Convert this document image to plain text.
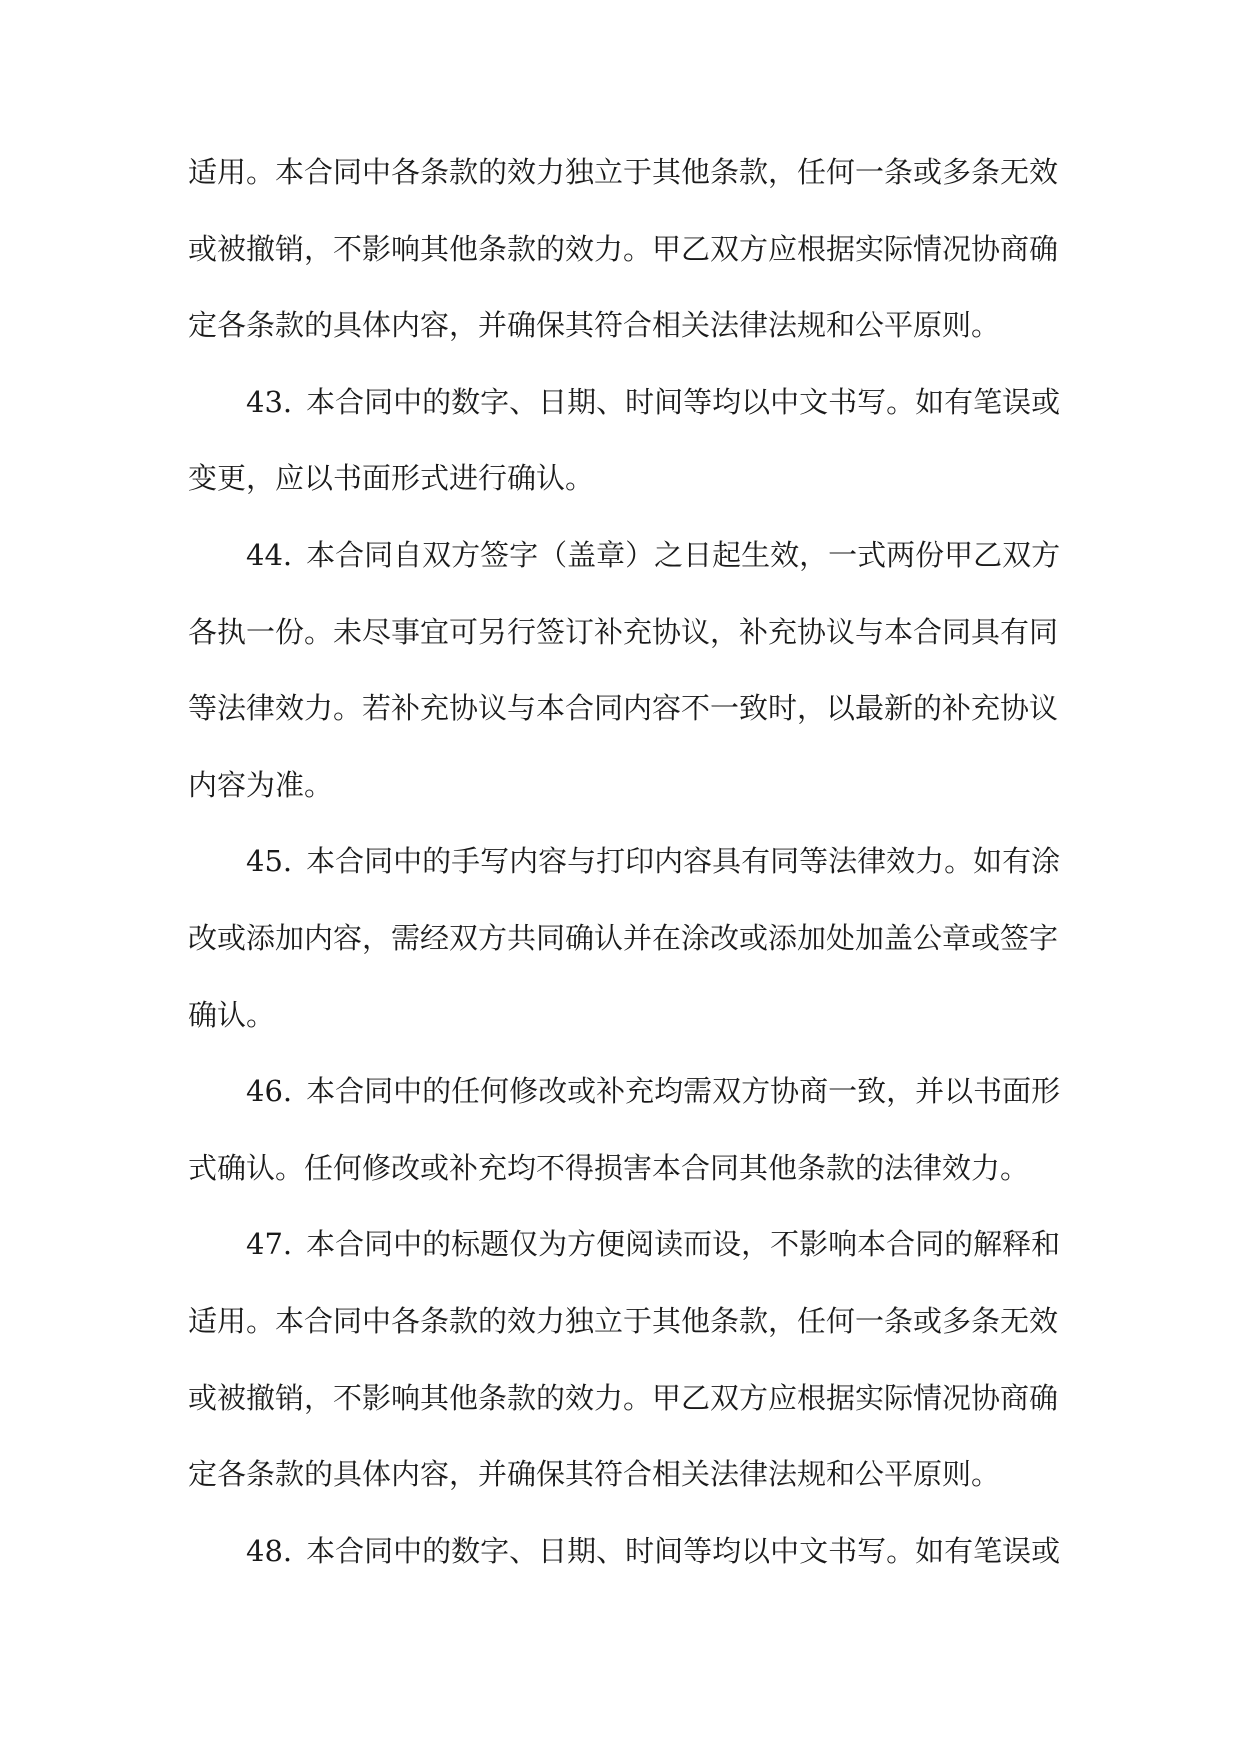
适用。本合同中各条款的效力独立于其他条款，任何一条或多条无效
或被撤销，不影响其他条款的效力。甲乙双方应根据实际情况协商确
定各条款的具体内容，并确保其符合相关法律法规和公平原则。
43. 本合同中的数字、日期、时间等均以中文书写。如有笔误或
变更，应以书面形式进行确认。
44. 本合同自双方签字（盖章）之日起生效，一式两份甲乙双方
各执一份。未尽事宜可另行签订补充协议，补充协议与本合同具有同
等法律效力。若补充协议与本合同内容不一致时，以最新的补充协议
内容为准。
45. 本合同中的手写内容与打印内容具有同等法律效力。如有涂
改或添加内容，需经双方共同确认并在涂改或添加处加盖公章或签字
确认。
46. 本合同中的任何修改或补充均需双方协商一致，并以书面形
式确认。任何修改或补充均不得损害本合同其他条款的法律效力。
47. 本合同中的标题仅为方便阅读而设，不影响本合同的解释和
适用。本合同中各条款的效力独立于其他条款，任何一条或多条无效
或被撤销，不影响其他条款的效力。甲乙双方应根据实际情况协商确
定各条款的具体内容，并确保其符合相关法律法规和公平原则。
48. 本合同中的数字、日期、时间等均以中文书写。如有笔误或
